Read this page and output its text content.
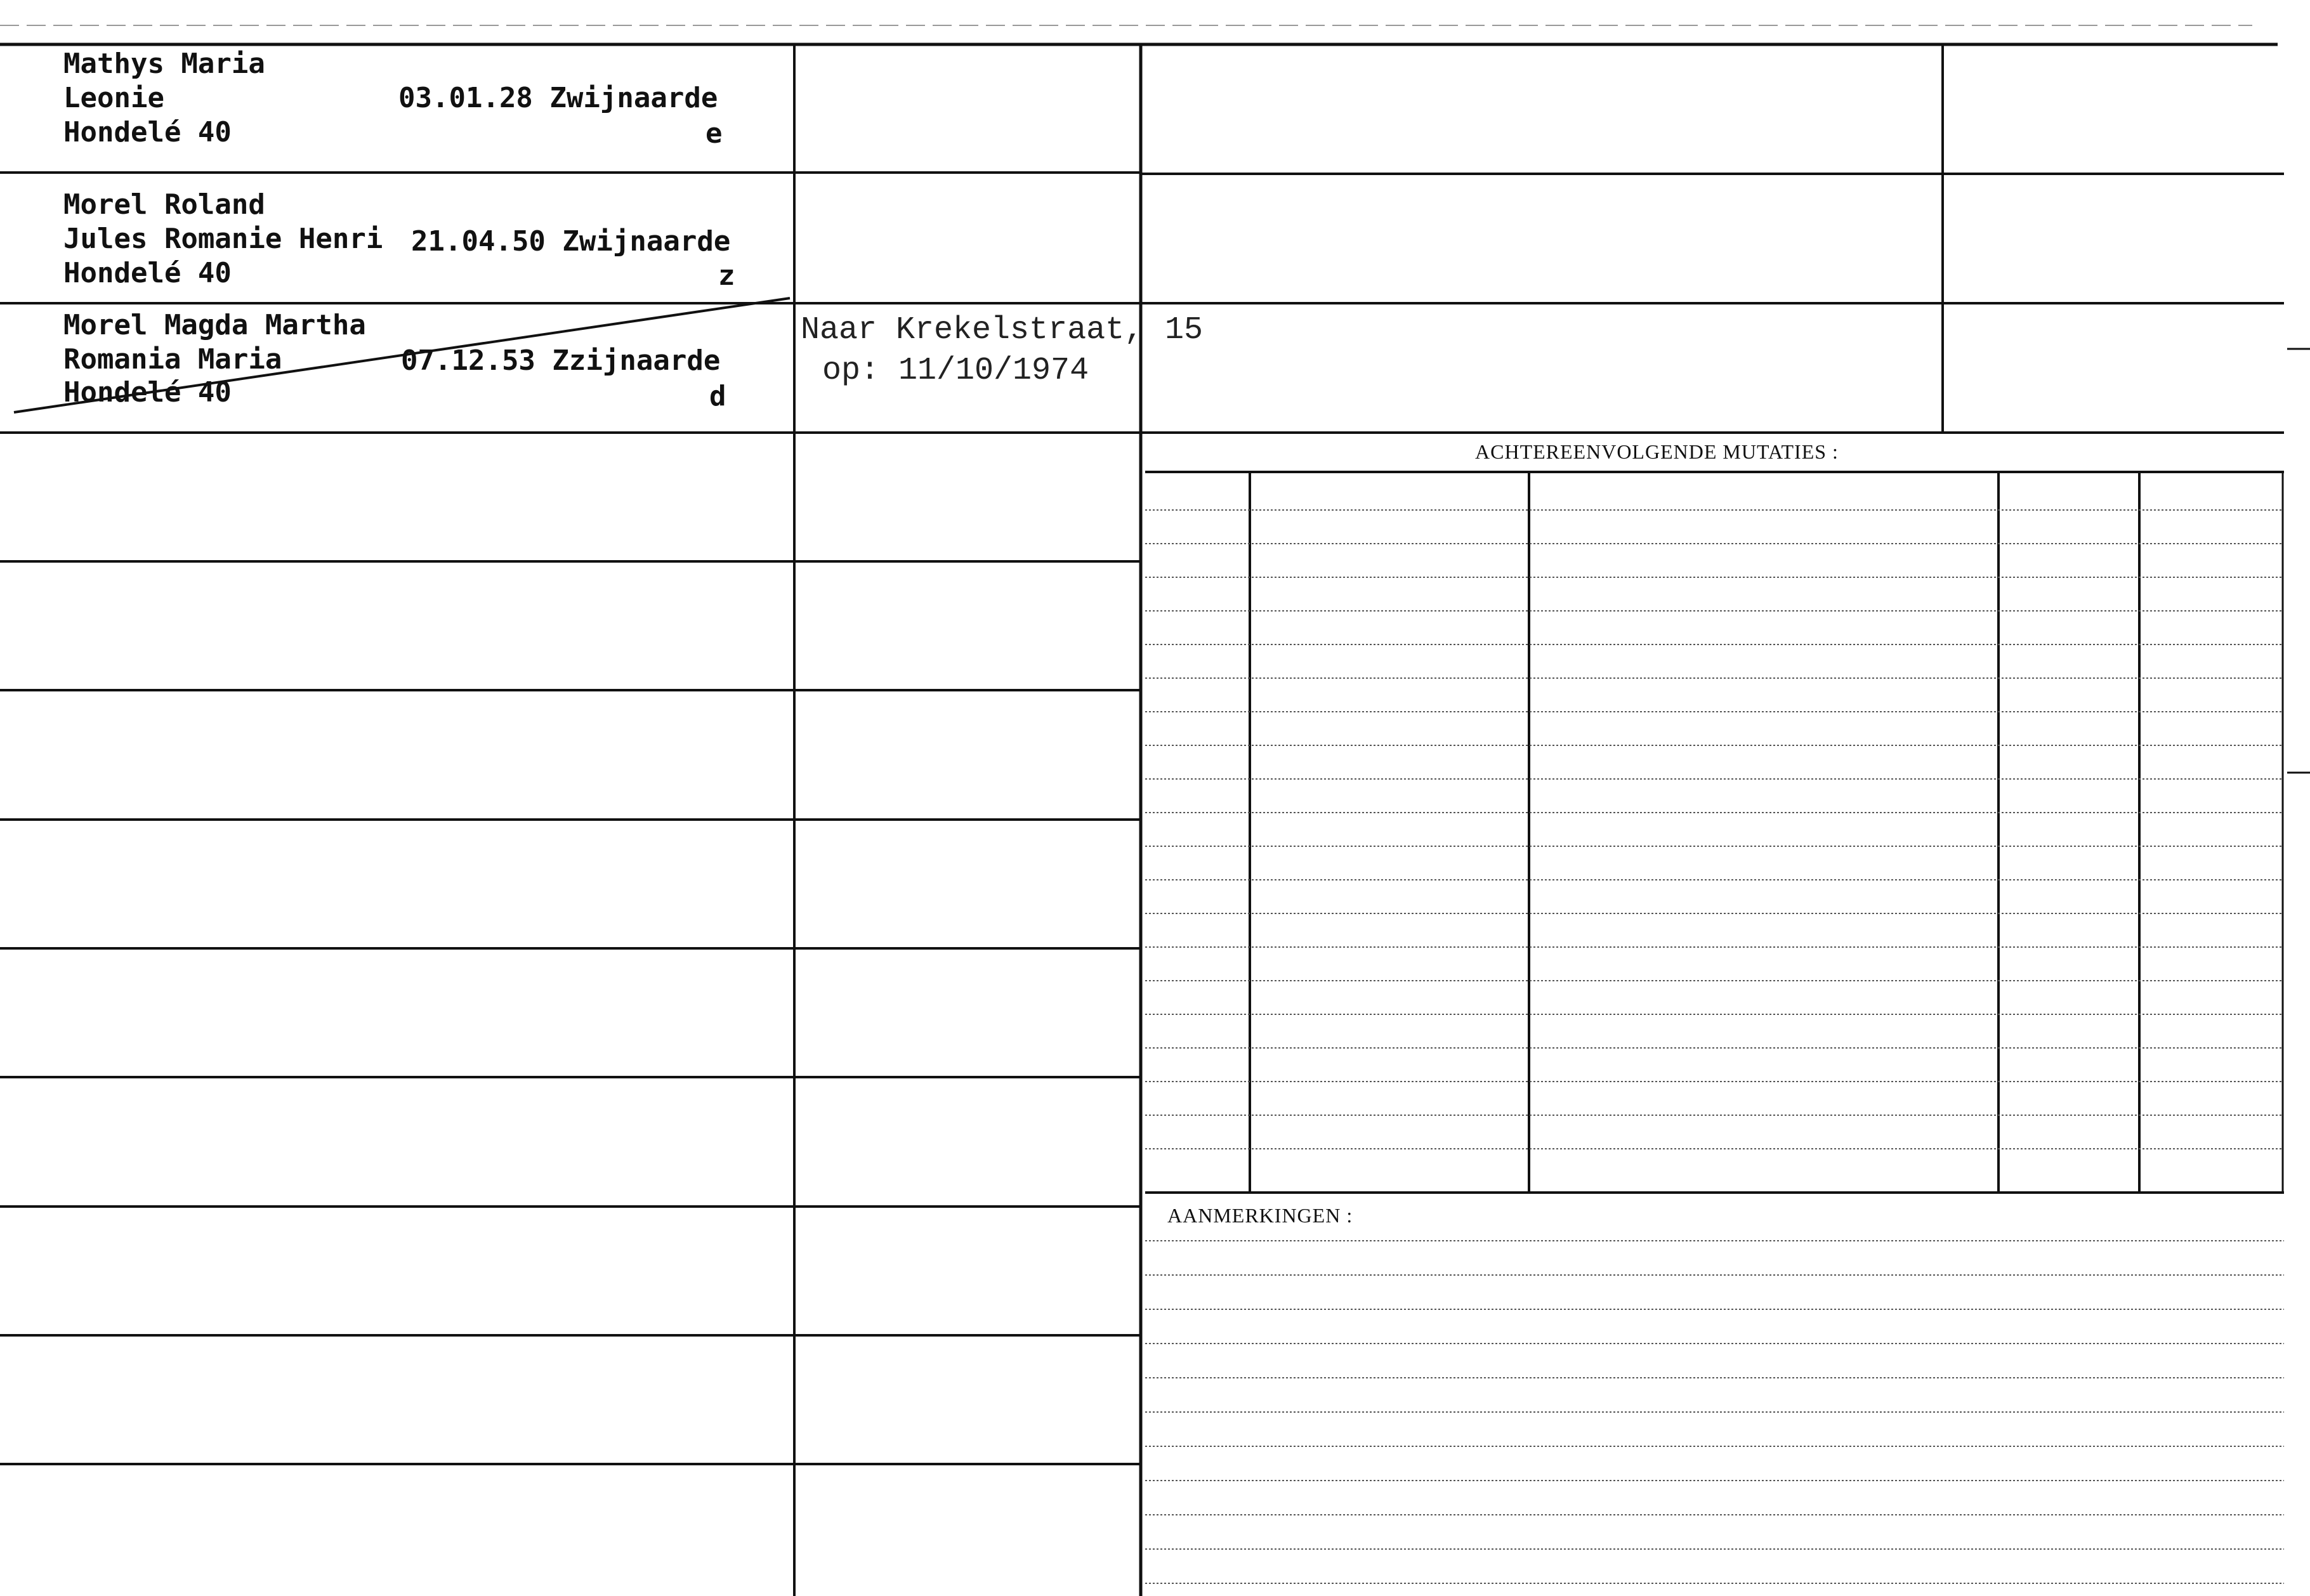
Mathys Maria
Leonie
Hondelé 40
03.01.28 Zwijnaarde
e
Morel Roland
Jules Romanie Henri
Hondelé 40
21.04.50 Zwijnaarde
z
Morel Magda Martha
Romania Maria
Hondelé 40
07.12.53 Zzijnaarde
d
Naar Krekelstraat,
op: 11/10/1974
15
ACHTEREENVOLGENDE MUTATIES :
AANMERKINGEN :
